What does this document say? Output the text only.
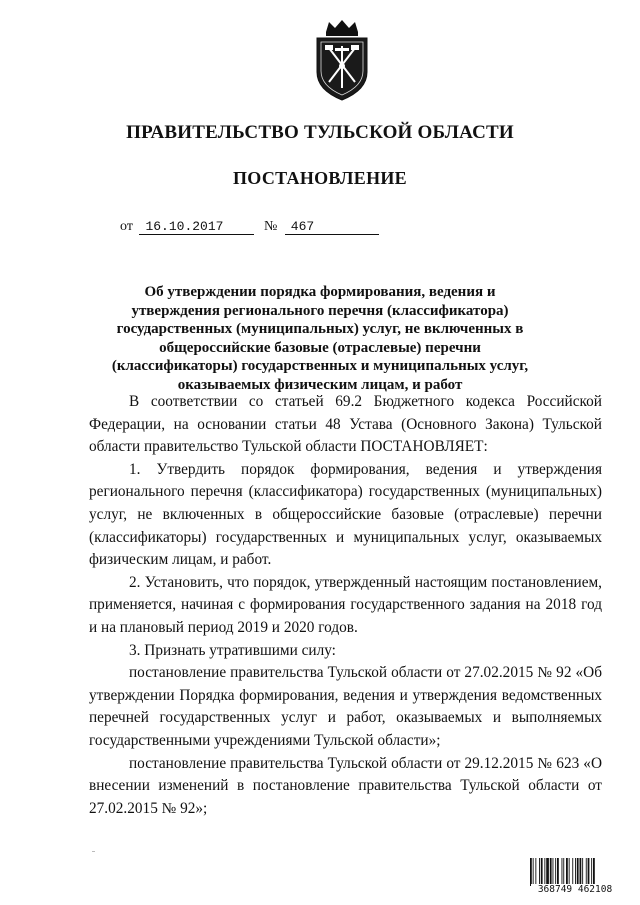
ПРАВИТЕЛЬСТВО ТУЛЬСКОЙ ОБЛАСТИ
ПОСТАНОВЛЕНИЕ
от 16.10.2017	№ 467
Об утверждении порядка формирования, ведения и утверждения регионального перечня (классификатора) государственных (муниципальных) услуг, не включенных в общероссийские базовые (отраслевые) перечни (классификаторы) государственных и муниципальных услуг, оказываемых физическим лицам, и работ

В соответствии со статьей 69.2 Бюджетного кодекса Российской Федерации, на основании статьи 48 Устава (Основного Закона) Тульской области правительство Тульской области ПОСТАНОВЛЯЕТ:

1. Утвердить порядок формирования, ведения и утверждения регионального перечня (классификатора) государственных (муниципальных) услуг, не включенных в общероссийские базовые (отраслевые) перечни (классификаторы) государственных и муниципальных услуг, оказываемых физическим лицам, и работ.

2. Установить, что порядок, утвержденный настоящим постановлением, применяется, начиная с формирования государственного задания на 2018 год и на плановый период 2019 и 2020 годов.

3. Признать утратившими силу:

постановление правительства Тульской области от 27.02.2015 № 92 «Об утверждении Порядка формирования, ведения и утверждения ведомственных перечней государственных услуг и работ, оказываемых и выполняемых государственными учреждениями Тульской области»;

постановление правительства Тульской области от 29.12.2015 № 623 «О внесении изменений в постановление правительства Тульской области от 27.02.2015 № 92»;

368749 462108
